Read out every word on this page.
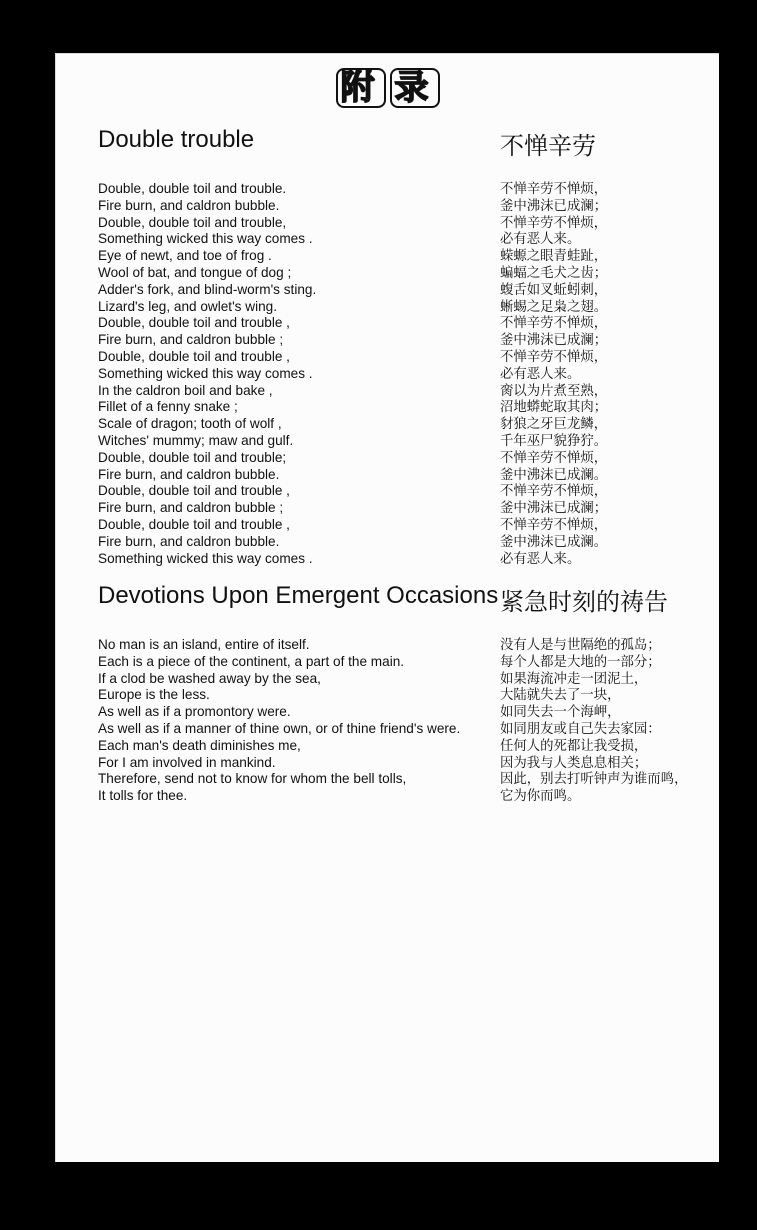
附 录
Double trouble	不惮辛劳
Double, double toil and trouble.	不惮辛劳不惮烦，
Fire burn, and caldron bubble.	釜中沸沫已成澜；
Double, double toil and trouble,	不惮辛劳不惮烦，
Something wicked this way comes .	必有恶人来。
Eye of newt, and toe of frog .	蝾螈之眼青蛙趾，
Wool of bat, and tongue of dog ;	蝙蝠之毛犬之齿；
Adder's fork, and blind-worm's sting.	蝮舌如叉蚯蚓刺，
Lizard's leg, and owlet's wing.	蜥蜴之足枭之翅。
Double, double toil and trouble ,	不惮辛劳不惮烦，
Fire burn, and caldron bubble ;	釜中沸沫已成澜；
Double, double toil and trouble ,	不惮辛劳不惮烦，
Something wicked this way comes .	必有恶人来。
In the caldron boil and bake ,	脔以为片煮至熟，
Fillet of a fenny snake ;	沼地蟒蛇取其肉；
Scale of dragon; tooth of wolf ,	豺狼之牙巨龙鳞，
Witches' mummy; maw and gulf.	千年巫尸貌狰狞。
Double, double toil and trouble;	不惮辛劳不惮烦，
Fire burn, and caldron bubble.	釜中沸沫已成澜。
Double, double toil and trouble ,	不惮辛劳不惮烦，
Fire burn, and caldron bubble ;	釜中沸沫已成澜；
Double, double toil and trouble ,	不惮辛劳不惮烦，
Fire burn, and caldron bubble.	釜中沸沫已成澜。
Something wicked this way comes .	必有恶人来。
Devotions Upon Emergent Occasions 紧急时刻的祷告
No man is an island, entire of itself.	没有人是与世隔绝的孤岛；
Each is a piece of the continent, a part of the main.	每个人都是大地的一部分；
If a clod be washed away by the sea,	如果海流冲走一团泥土，
Europe is the less.	大陆就失去了一块，
As well as if a promontory were.	如同失去一个海岬，
As well as if a manner of thine own, or of thine friend's were.	如同朋友或自己失去家园：
Each man's death diminishes me,	任何人的死都让我受损，
For I am involved in mankind.	因为我与人类息息相关；
Therefore, send not to know for whom the bell tolls,	因此，别去打听钟声为谁而鸣，
It tolls for thee.	它为你而鸣。
